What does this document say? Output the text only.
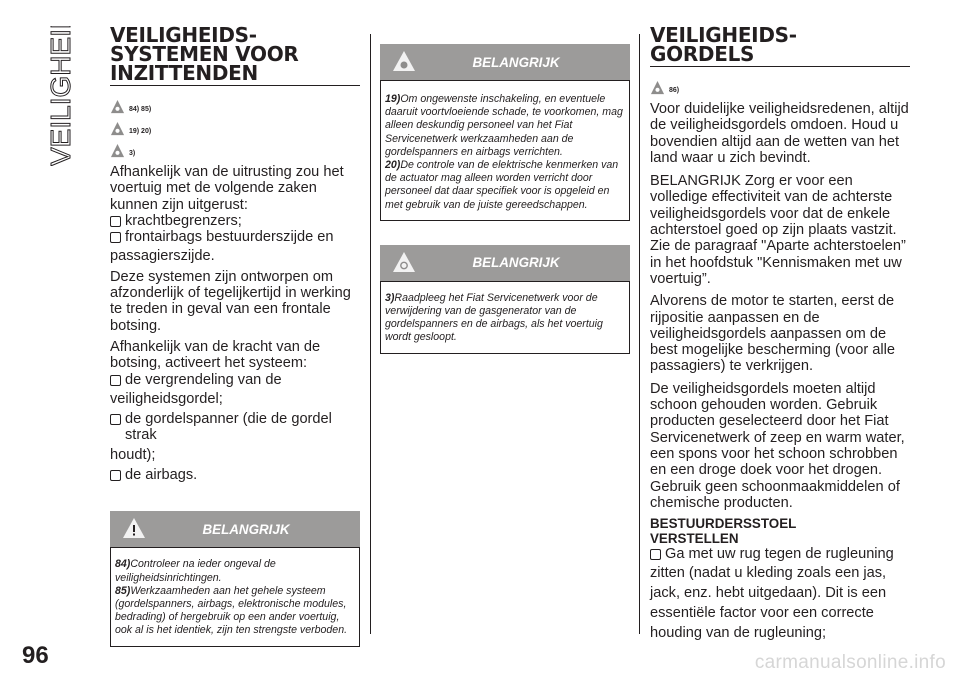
VEILIGHEID VEILIGHEIDS-
SYSTEMEN VOOR
INZITTENDEN
84) 85)
19) 20)
3)

Afhankelijk van de uitrusting zou het voertuig met de volgende zaken kunnen zijn uitgerust:

krachtbegrenzers;
frontairbags bestuurderszijde en

passagierszijde.

Deze systemen zijn ontworpen om afzonderlijk of tegelijkertijd in werking te treden in geval van een frontale botsing.

Afhankelijk van de kracht van de botsing, activeert het systeem:

de vergrendeling van de

veiligheidsgordel;

de gordelspanner (die de gordel strak

houdt);

de airbags.
BELANGRIJK

84)Controleer na ieder ongeval de veiligheidsinrichtingen.

85)Werkzaamheden aan het gehele systeem (gordelspanners, airbags, elektronische modules, bedrading) of hergebruik op een ander voertuig, ook al is het identiek, zijn ten strengste verboden.

BELANGRIJK

19)Om ongewenste inschakeling, en eventuele daaruit voortvloeiende schade, te voorkomen, mag alleen deskundig personeel van het Fiat Servicenetwerk werkzaamheden aan de gordelspanners en airbags verrichten.

20)De controle van de elektrische kenmerken van de actuator mag alleen worden verricht door personeel dat daar specifiek voor is opgeleid en met gebruik van de juiste gereedschappen.

BELANGRIJK

3)Raadpleeg het Fiat Servicenetwerk voor de verwijdering van de gasgenerator van de gordelspanners en de airbags, als het voertuig wordt gesloopt.

VEILIGHEIDS-
GORDELS
86)

Voor duidelijke veiligheidsredenen, altijd de veiligheidsgordels omdoen. Houd u bovendien altijd aan de wetten van het land waar u zich bevindt.

BELANGRIJK Zorg er voor een volledige effectiviteit van de achterste veiligheidsgordels voor dat de enkele achterstoel goed op zijn plaats vastzit. Zie de paragraaf "Aparte achterstoelen” in het hoofdstuk "Kennismaken met uw voertuig”.

Alvorens de motor te starten, eerst de rijpositie aanpassen en de veiligheidsgordels aanpassen om de best mogelijke bescherming (voor alle passagiers) te verkrijgen.

De veiligheidsgordels moeten altijd schoon gehouden worden. Gebruik producten geselecteerd door het Fiat Servicenetwerk of zeep en warm water, een spons voor het schoon schrobben en een droge doek voor het drogen. Gebruik geen schoonmaakmiddelen of chemische producten.

BESTUURDERSSTOEL
VERSTELLEN
Ga met uw rug tegen de rugleuning

zitten (nadat u kleding zoals een jas, jack, enz. hebt uitgedaan). Dit is een essentiële factor voor een correcte houding van de rugleuning;

96	carmanualsonline.info
